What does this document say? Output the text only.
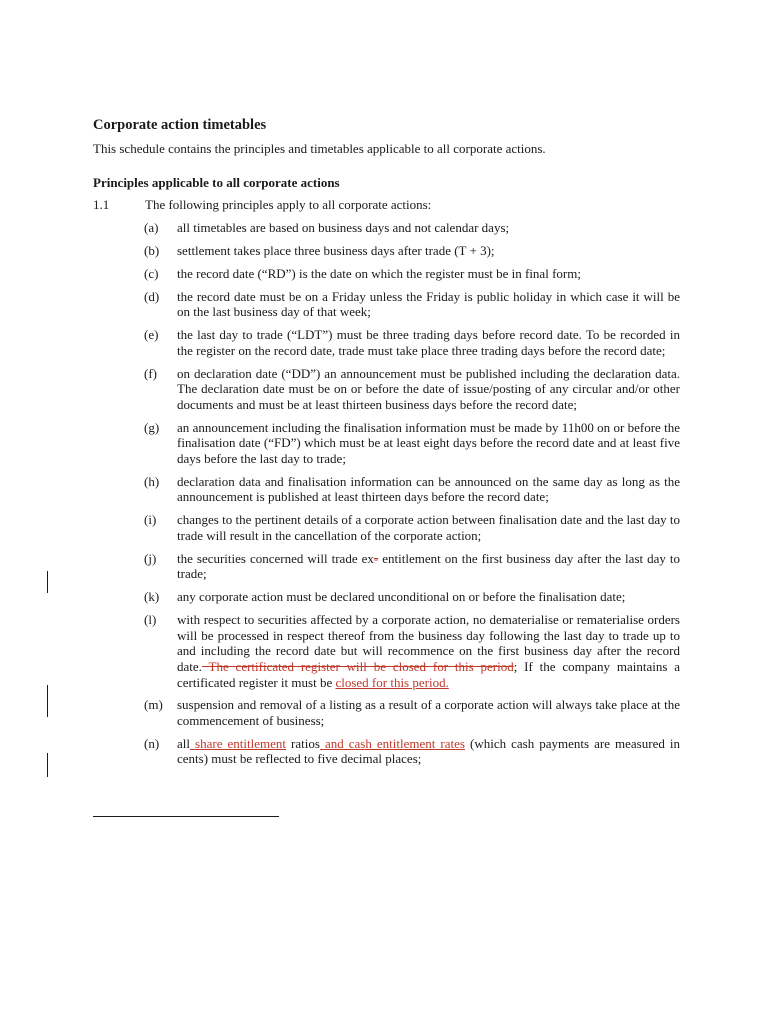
Corporate action timetables
This schedule contains the principles and timetables applicable to all corporate actions.
Principles applicable to all corporate actions
1.1	The following principles apply to all corporate actions:
(a)	all timetables are based on business days and not calendar days;
(b)	settlement takes place three business days after trade (T + 3);
(c)	the record date (“RD”) is the date on which the register must be in final form;
(d)	the record date must be on a Friday unless the Friday is public holiday in which case it will be on the last business day of that week;
(e)	the last day to trade (“LDT”) must be three trading days before record date. To be recorded in the register on the record date, trade must take place three trading days before the record date;
(f)	on declaration date (“DD”) an announcement must be published including the declaration data. The declaration date must be on or before the date of issue/posting of any circular and/or other documents and must be at least thirteen business days before the record date;
(g)	an announcement including the finalisation information must be made by 11h00 on or before the finalisation date (“FD”) which must be at least eight days before the record date and at least five days before the last day to trade;
(h)	declaration data and finalisation information can be announced on the same day as long as the announcement is published at least thirteen days before the record date;
(i)	changes to the pertinent details of a corporate action between finalisation date and the last day to trade will result in the cancellation of the corporate action;
(j)	the securities concerned will trade ex- entitlement on the first business day after the last day to trade;
(k)	any corporate action must be declared unconditional on or before the finalisation date;
(l)	with respect to securities affected by a corporate action, no dematerialise or rematerialise orders will be processed in respect thereof from the business day following the last day to trade up to and including the record date but will recommence on the first business day after the record date. The certificated register will be closed for this period; If the company maintains a certificated register it must be closed for this period.
(m)	suspension and removal of a listing as a result of a corporate action will always take place at the commencement of business;
(n)	all share entitlement ratios and cash entitlement rates (which cash payments are measured in cents) must be reflected to five decimal places;
